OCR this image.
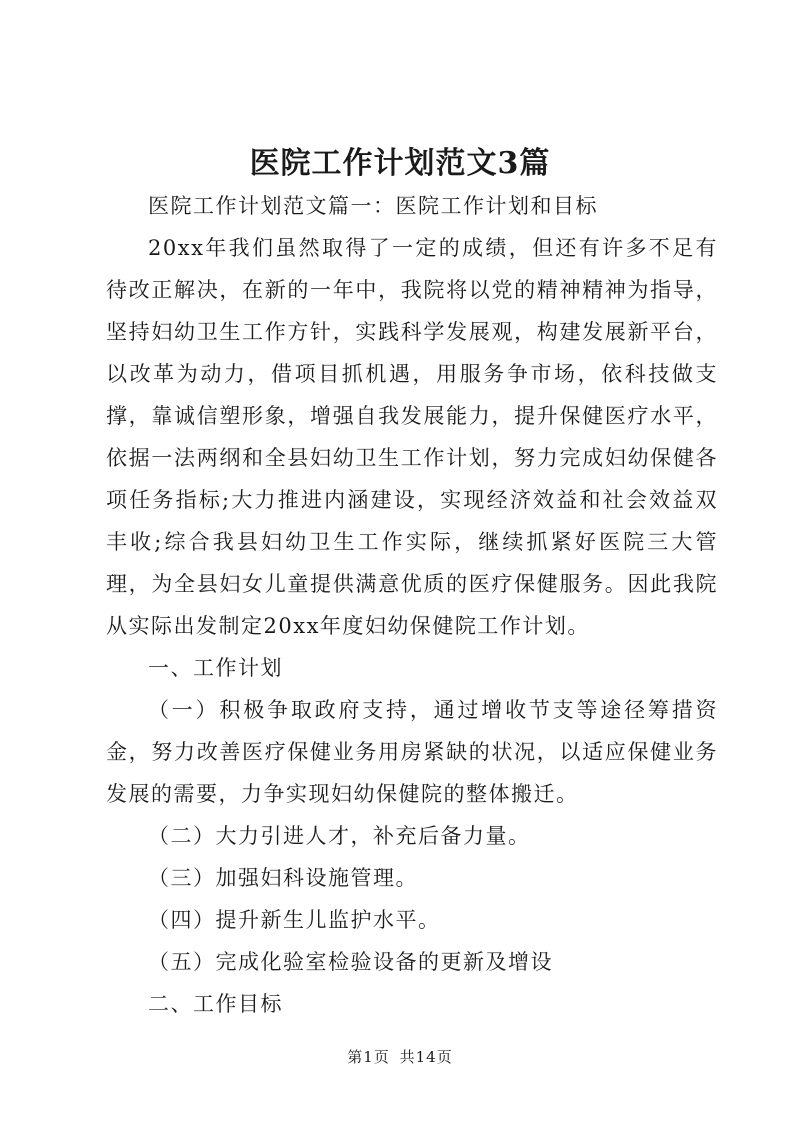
医院工作计划范文3篇

医院工作计划范文篇一：医院工作计划和目标

20xx年我们虽然取得了一定的成绩，但还有许多不足有待改正解决，在新的一年中，我院将以党的精神精神为指导，坚持妇幼卫生工作方针，实践科学发展观，构建发展新平台，以改革为动力，借项目抓机遇，用服务争市场，依科技做支撑，靠诚信塑形象，增强自我发展能力，提升保健医疗水平，依据一法两纲和全县妇幼卫生工作计划，努力完成妇幼保健各项任务指标;大力推进内涵建设，实现经济效益和社会效益双丰收;综合我县妇幼卫生工作实际，继续抓紧好医院三大管理，为全县妇女儿童提供满意优质的医疗保健服务。因此我院从实际出发制定20xx年度妇幼保健院工作计划。

一、工作计划

（一）积极争取政府支持，通过增收节支等途径筹措资金，努力改善医疗保健业务用房紧缺的状况，以适应保健业务发展的需要，力争实现妇幼保健院的整体搬迁。

（二）大力引进人才，补充后备力量。

（三）加强妇科设施管理。

（四）提升新生儿监护水平。

（五）完成化验室检验设备的更新及增设

二、工作目标

第1页 共14页
